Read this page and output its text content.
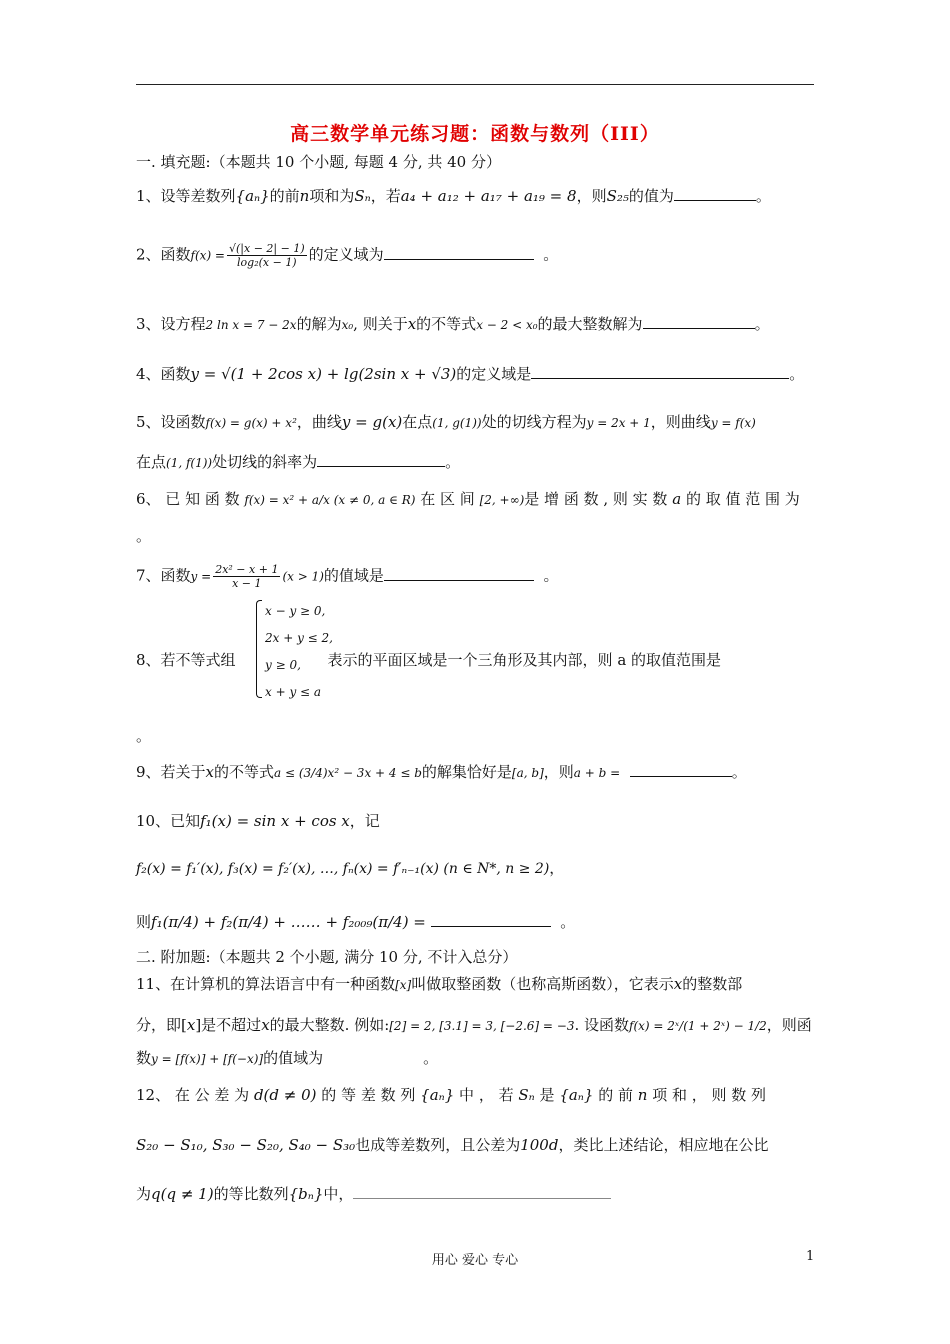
高三数学单元练习题：函数与数列（III）
一. 填充题:（本题共 10 个小题, 每题 4 分, 共 40 分）
1、设等差数列{aₙ}的前n项和为Sₙ，若a₄ + a₁₂ + a₁₇ + a₁₉ = 8，则S₂₅的值为	。
2、函数$f(x) = \frac{√(|x - 2| - 1)}{\text{log₂(x − 1)}}$ 的定义域为	。
3、设方程2 ln x = 7 − 2x的解为x₀, 则关于x的不等式x − 2 < x₀的最大整数解为	。
4、函数y = √(1 + 2cos x) + lg(2sin x + √3)的定义域是	。
5、设函数f(x) = g(x) + x²，曲线y = g(x)在点(1, g(1))处的切线方程为y = 2x + 1，则曲线y = f(x)
在点(1, f(1))处切线的斜率为	。
6、 已 知 函 数 f(x) = x² + a/x (x ≠ 0, a ∈ R) 在 区 间 [2, +∞)是 增 函 数 , 则 实 数 a 的 取 值 范 围 为
。
7、函数$y = \frac{\text{2x² − x + 1}}{x - 1} (x > 1)$的值域是	。
8、若不等式组	表示的平面区域是一个三角形及其内部，则 a 的取值范围是
x − y ≥ 0,
2x + y ≤ 2,
y ≥ 0,
x + y ≤ a
。
9、若关于x的不等式a ≤ (3/4)x² − 3x + 4 ≤ b的解集恰好是[a, b]，则a + b =	。
10、已知f₁(x) = sin x + cos x，记
f₂(x) = f₁′(x), f₃(x) = f₂′(x), …, fₙ(x) = f′ₙ₋₁(x) (n ∈ N*, n ≥ 2)，
则f₁(π/4) + f₂(π/4) + …… + f₂₀₀₉(π/4) =	。
二. 附加题:（本题共 2 个小题, 满分 10 分, 不计入总分）
11、在计算机的算法语言中有一种函数[x]叫做取整函数（也称高斯函数），它表示x的整数部
分，即[x]是不超过x的最大整数. 例如:[2] = 2, [3.1] = 3, [−2.6] = −3. 设函数f(x) = 2ˣ/(1 + 2ˣ) − 1/2，则函
数y = [f(x)] + [f(−x)]的值域为	。
12、 在 公 差 为 d(d ≠ 0) 的 等 差 数 列 {aₙ} 中 ， 若 Sₙ 是 {aₙ} 的 前 n 项 和 ， 则 数 列
S₂₀ − S₁₀, S₃₀ − S₂₀, S₄₀ − S₃₀也成等差数列，且公差为100d，类比上述结论，相应地在公比
为q(q ≠ 1)的等比数列{bₙ}中，
用心 爱心 专心	1
